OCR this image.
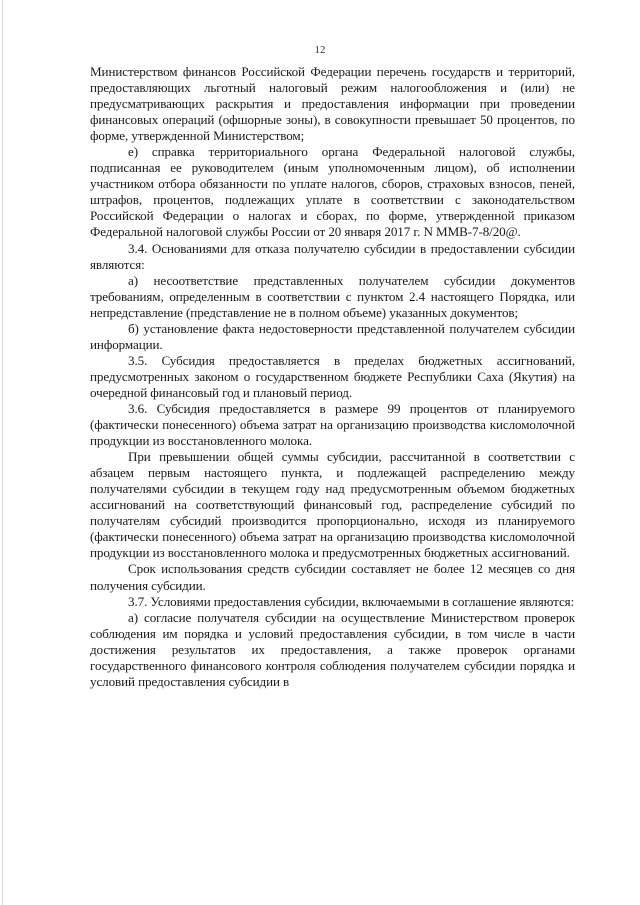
12

Министерством финансов Российской Федерации перечень государств и территорий, предоставляющих льготный налоговый режим налогообложения и (или) не предусматривающих раскрытия и предоставления информации при проведении финансовых операций (офшорные зоны), в совокупности превышает 50 процентов, по форме, утвержденной Министерством;

е) справка территориального органа Федеральной налоговой службы, подписанная ее руководителем (иным уполномоченным лицом), об исполнении участником отбора обязанности по уплате налогов, сборов, страховых взносов, пеней, штрафов, процентов, подлежащих уплате в соответствии с законодательством Российской Федерации о налогах и сборах, по форме, утвержденной приказом Федеральной налоговой службы России от 20 января 2017 г. N ММВ-7-8/20@.

3.4. Основаниями для отказа получателю субсидии в предоставлении субсидии являются:

а) несоответствие представленных получателем субсидии документов требованиям, определенным в соответствии с пунктом 2.4 настоящего Порядка, или непредставление (представление не в полном объеме) указанных документов;

б) установление факта недостоверности представленной получателем субсидии информации.

3.5. Субсидия предоставляется в пределах бюджетных ассигнований, предусмотренных законом о государственном бюджете Республики Саха (Якутия) на очередной финансовый год и плановый период.

3.6. Субсидия предоставляется в размере 99 процентов от планируемого (фактически понесенного) объема затрат на организацию производства кисломолочной продукции из восстановленного молока.

При превышении общей суммы субсидии, рассчитанной в соответствии с абзацем первым настоящего пункта, и подлежащей распределению между получателями субсидии в текущем году над предусмотренным объемом бюджетных ассигнований на соответствующий финансовый год, распределение субсидий по получателям субсидий производится пропорционально, исходя из планируемого (фактически понесенного) объема затрат на организацию производства кисломолочной продукции из восстановленного молока и предусмотренных бюджетных ассигнований.

Срок использования средств субсидии составляет не более 12 месяцев со дня получения субсидии.

3.7. Условиями предоставления субсидии, включаемыми в соглашение являются:

а) согласие получателя субсидии на осуществление Министерством проверок соблюдения им порядка и условий предоставления субсидии, в том числе в части достижения результатов их предоставления, а также проверок органами государственного финансового контроля соблюдения получателем субсидии порядка и условий предоставления субсидии в
